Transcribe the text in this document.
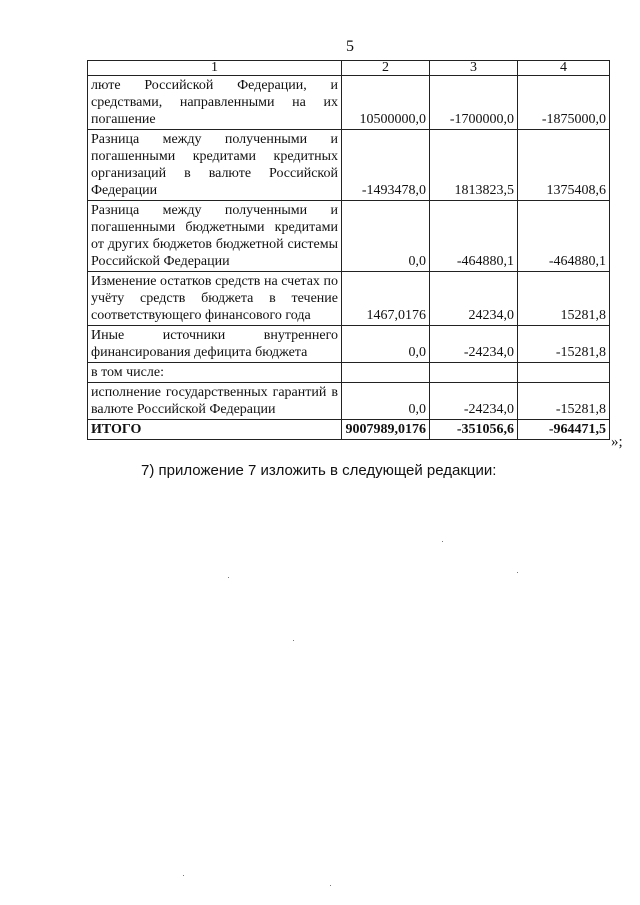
5
1	2	3	4
люте Российской Федерации, и средствами, направленными на их погашение	10500000,0	-1700000,0	-1875000,0
Разница между полученными и погашенными кредитами кредитных организаций в валюте Российской Федерации	-1493478,0	1813823,5	1375408,6
Разница между полученными и погашенными бюджетными кредитами от других бюджетов бюджетной системы Российской Федерации	0,0	-464880,1	-464880,1
Изменение остатков средств на счетах по учёту средств бюджета в течение соответствующего финансового года	1467,0176	24234,0	15281,8
Иные источники внутреннего финансирования дефицита бюджета	0,0	-24234,0	-15281,8
в том числе:			
исполнение государственных гарантий в валюте Российской Федерации	0,0	-24234,0	-15281,8
ИТОГО	9007989,0176	-351056,6	-964471,5
»;
7) приложение 7 изложить в следующей редакции:
